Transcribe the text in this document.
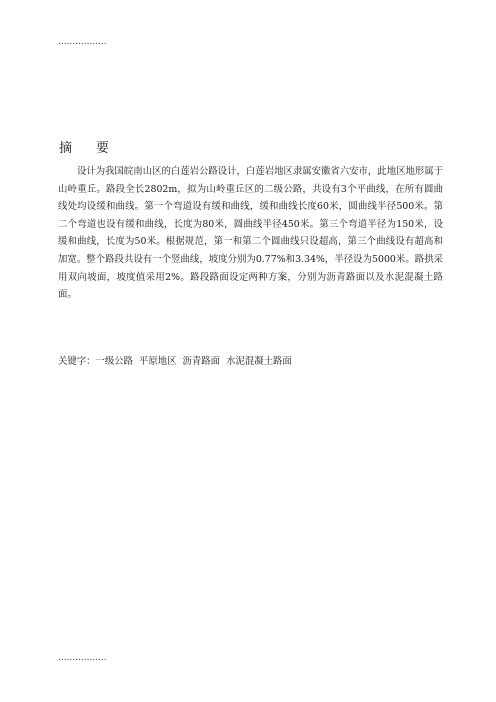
.................
摘要

设计为我国皖南山区的白莲岩公路设计，白莲岩地区隶属安徽省六安市，此地区地形属于山岭重丘。路段全长2802m，拟为山岭重丘区的二级公路，共设有3个平曲线，在所有圆曲线处均设缓和曲线。第一个弯道设有缓和曲线，缓和曲线长度60米，圆曲线半径500米。第二个弯道也设有缓和曲线，长度为80米，圆曲线半径450米。第三个弯道半径为150米，设缓和曲线，长度为50米。根据规范，第一和第二个圆曲线只设超高，第三个曲线设有超高和加宽。整个路段共设有一个竖曲线，坡度分别为0.77%和3.34%，半径设为5000米。路拱采用双向坡面，坡度值采用2%。路段路面设定两种方案，分别为沥青路面以及水泥混凝土路面。

关键字：一级公路 平原地区 沥青路面 水泥混凝土路面
.................
